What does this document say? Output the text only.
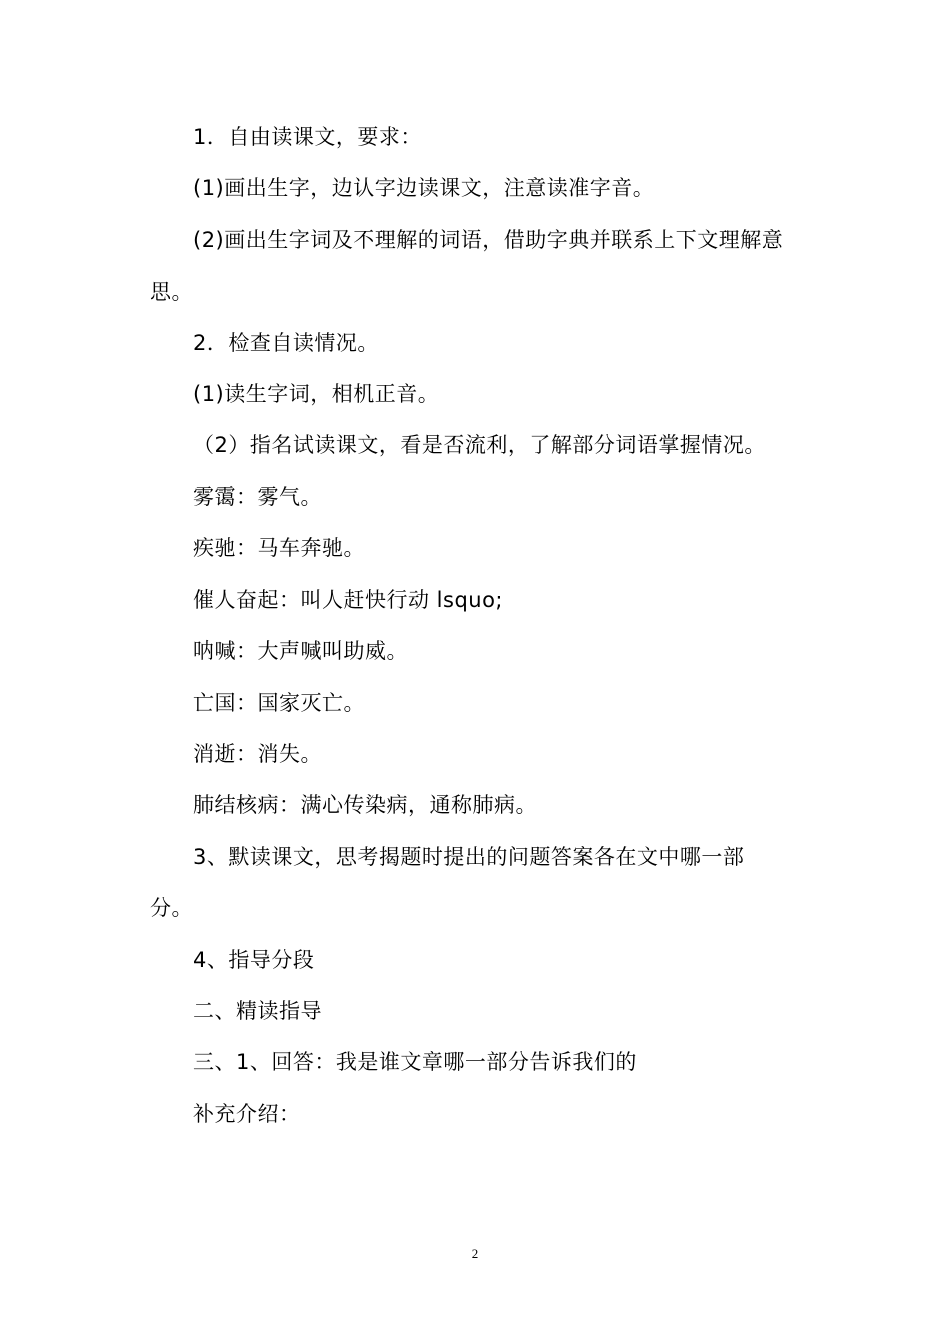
1．自由读课文，要求：
(1)画出生字，边认字边读课文，注意读准字音。
(2)画出生字词及不理解的词语，借助字典并联系上下文理解意
思。
2．检查自读情况。
(1)读生字词，相机正音。
（2）指名试读课文，看是否流利，了解部分词语掌握情况。
雾霭：雾气。
疾驰：马车奔驰。
催人奋起：叫人赶快行动 lsquo;
呐喊：大声喊叫助威。
亡国：国家灭亡。
消逝：消失。
肺结核病：满心传染病，通称肺病。
3、默读课文，思考揭题时提出的问题答案各在文中哪一部
分。
4、指导分段
二、精读指导
三、1、回答：我是谁文章哪一部分告诉我们的
补充介绍：
2
